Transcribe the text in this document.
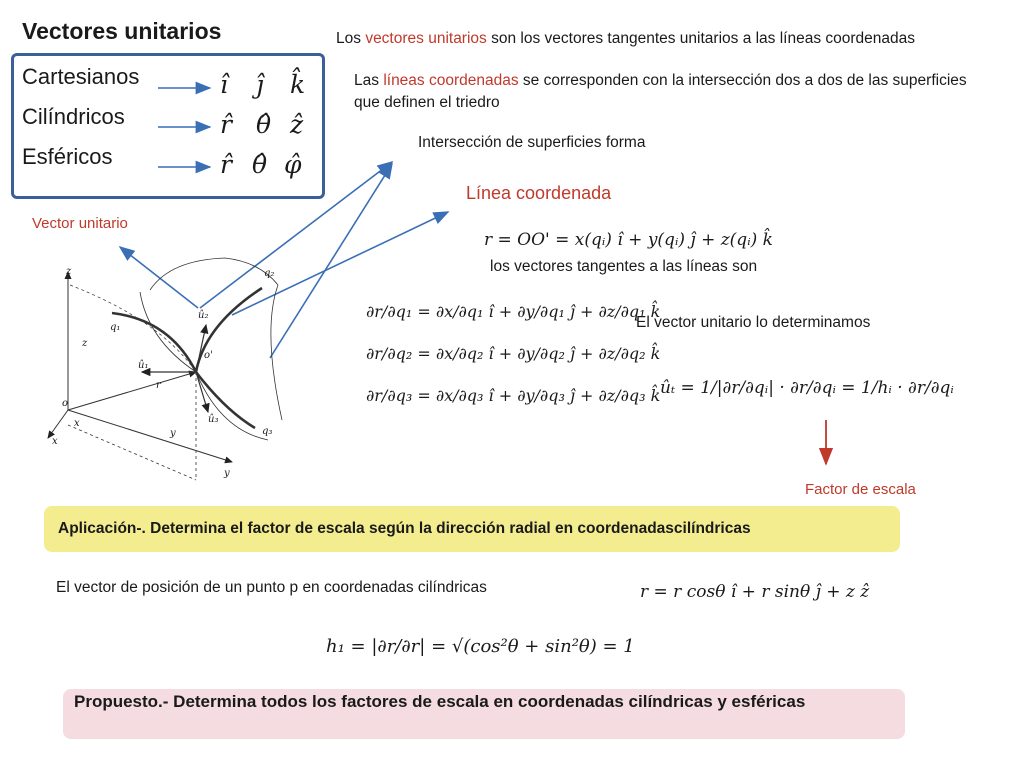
Vectores unitarios
Cartesianos
Cilíndricos
Esféricos
î ĵ k̂
r̂ θ̂ ẑ
r̂ θ̂ φ̂
Los vectores unitarios son los vectores tangentes unitarios a las líneas coordenadas
Las líneas coordenadas se corresponden con la intersección dos a dos de las superficies que definen el triedro
Intersección de superficies forma
Línea coordenada
Vector unitario
r = OO' = x(qᵢ) î + y(qᵢ) ĵ + z(qᵢ) k̂
los vectores tangentes a las líneas son
∂r/∂q₁ = ∂x/∂q₁ î + ∂y/∂q₁ ĵ + ∂z/∂q₁ k̂
∂r/∂q₂ = ∂x/∂q₂ î + ∂y/∂q₂ ĵ + ∂z/∂q₂ k̂
∂r/∂q₃ = ∂x/∂q₃ î + ∂y/∂q₃ ĵ + ∂z/∂q₃ k̂
El vector unitario lo determinamos
ûₜ = 1/|∂r/∂qᵢ| · ∂r/∂qᵢ = 1/hᵢ · ∂r/∂qᵢ
Factor de escala
z
z
o
x
x
y
y
o'
q₁
q₂
q₃
û₁
û₂
û₃
r
Aplicación-. Determina el factor de escala según la dirección radial en coordenadascilíndricas
El vector de posición de un punto p en coordenadas cilíndricas	r = r cosθ î + r sinθ ĵ + z ẑ
h₁ = |∂r/∂r| = √(cos²θ + sin²θ) = 1
Propuesto.- Determina todos los factores de escala en coordenadas cilíndricas y esféricas
